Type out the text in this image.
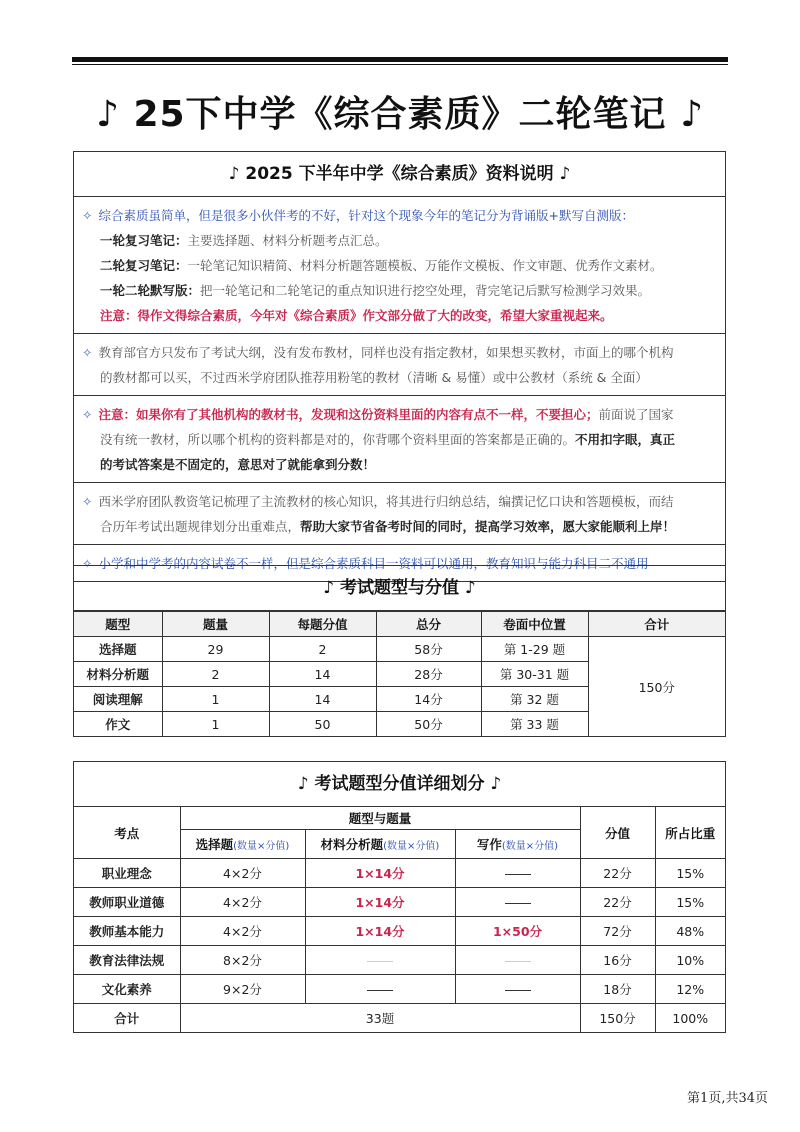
♪ 25下中学《综合素质》二轮笔记 ♪
♪ 2025 下半年中学《综合素质》资料说明 ♪
✧ 综合素质虽简单，但是很多小伙伴考的不好，针对这个现象今年的笔记分为背诵版+默写自测版：
一轮复习笔记：主要选择题、材料分析题考点汇总。
二轮复习笔记：一轮笔记知识精简、材料分析题答题模板、万能作文模板、作文审题、优秀作文素材。
一轮二轮默写版：把一轮笔记和二轮笔记的重点知识进行挖空处理，背完笔记后默写检测学习效果。
注意：得作文得综合素质，今年对《综合素质》作文部分做了大的改变，希望大家重视起来。
✧ 教育部官方只发布了考试大纲，没有发布教材，同样也没有指定教材，如果想买教材，市面上的哪个机构
的教材都可以买，不过西米学府团队推荐用粉笔的教材（清晰 & 易懂）或中公教材（系统 & 全面）
✧ 注意：如果你有了其他机构的教材书，发现和这份资料里面的内容有点不一样，不要担心；前面说了国家
没有统一教材，所以哪个机构的资料都是对的，你背哪个资料里面的答案都是正确的。不用扣字眼，真正
的考试答案是不固定的，意思对了就能拿到分数！
✧ 西米学府团队教资笔记梳理了主流教材的核心知识，将其进行归纳总结，编撰记忆口诀和答题模板，而结
合历年考试出题规律划分出重难点，帮助大家节省备考时间的同时，提高学习效率，愿大家能顺利上岸！
✧ 小学和中学考的内容试卷不一样，但是综合素质科目一资料可以通用，教育知识与能力科目二不通用
♪ 考试题型与分值 ♪
题型	题量	每题分值	总分	卷面中位置	合计
选择题	29	2	58分	第 1-29 题	150分
材料分析题	2	14	28分	第 30-31 题	
阅读理解	1	14	14分	第 32 题	
作文	1	50	50分	第 33 题	
♪ 考试题型分值详细划分 ♪
考点	题型与题量			分值	所占比重
	选择题(数量×分值)	材料分析题(数量×分值)	写作(数量×分值)		
职业理念	4×2分	1×14分		22分	15%
教师职业道德	4×2分	1×14分		22分	15%
教师基本能力	4×2分	1×14分	1×50分	72分	48%
教育法律法规	8×2分			16分	10%
文化素养	9×2分			18分	12%
合计	33题			150分	100%
第1页,共34页
